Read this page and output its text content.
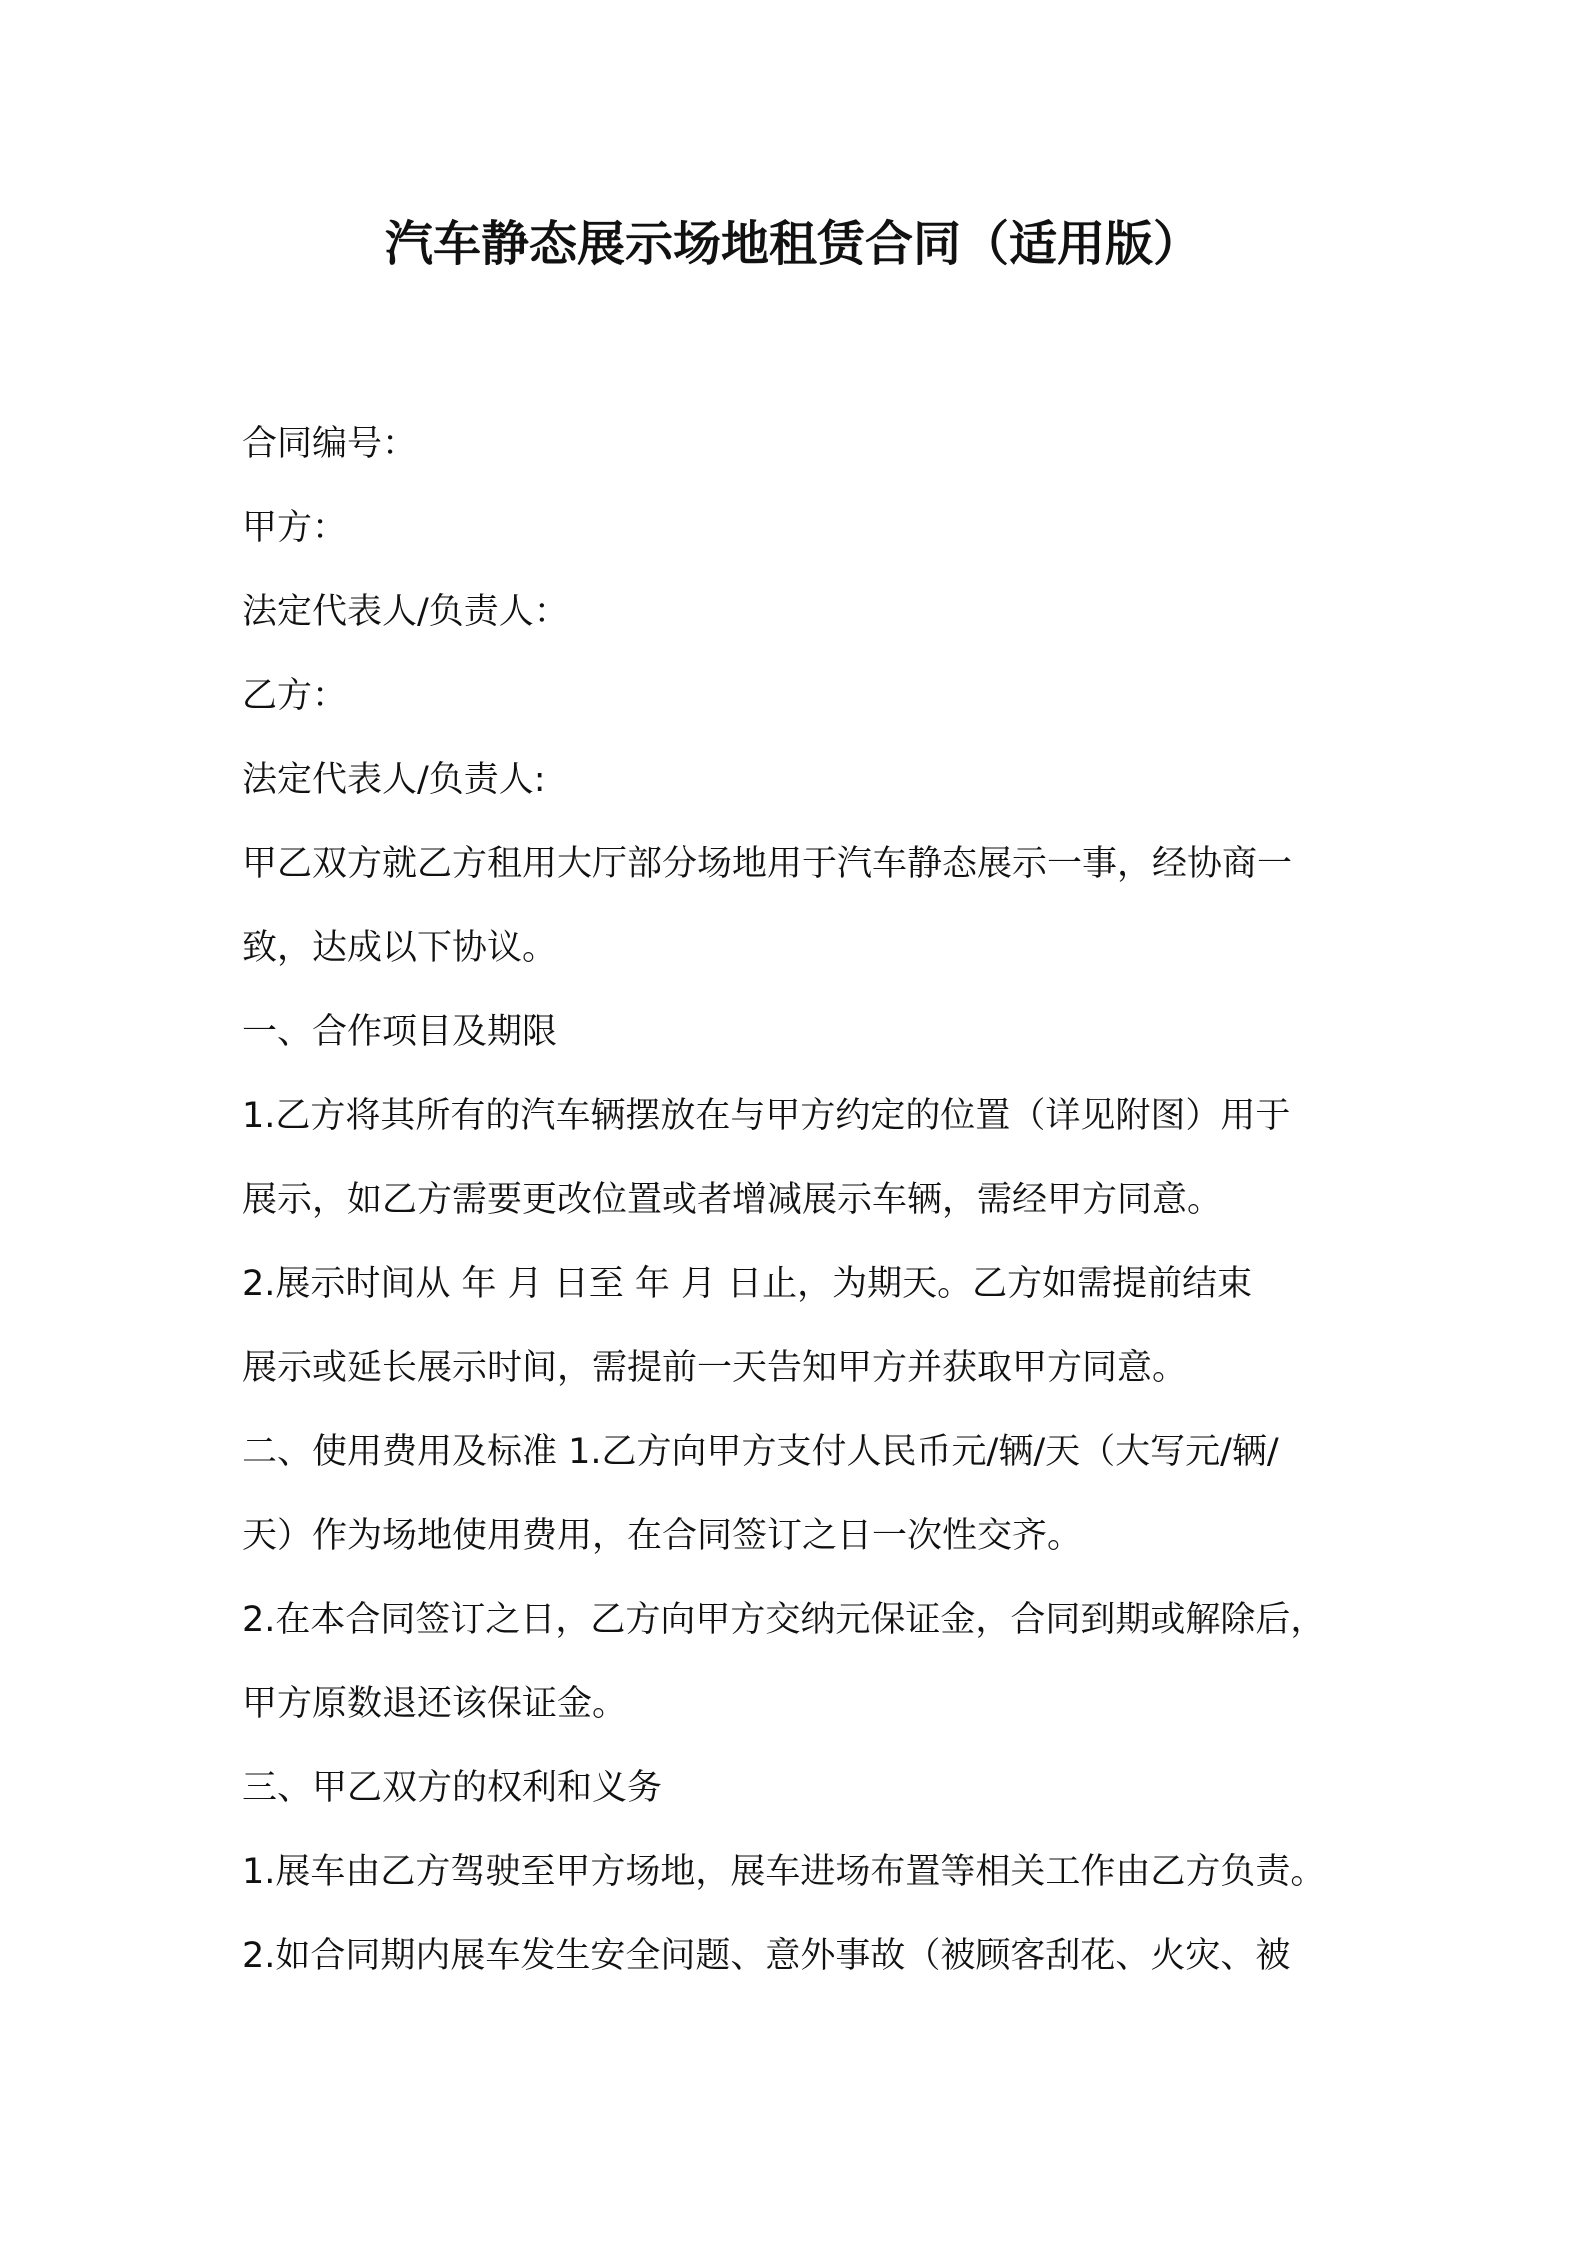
汽车静态展示场地租赁合同（适用版）
合同编号：
甲方：
法定代表人/负责人：
乙方：
法定代表人/负责人:
甲乙双方就乙方租用大厅部分场地用于汽车静态展示一事，经协商一
致，达成以下协议。
一、合作项目及期限
1.乙方将其所有的汽车辆摆放在与甲方约定的位置（详见附图）用于
展示，如乙方需要更改位置或者增减展示车辆，需经甲方同意。
2.展示时间从 年 月 日至 年 月 日止，为期天。乙方如需提前结束
展示或延长展示时间，需提前一天告知甲方并获取甲方同意。
二、使用费用及标准 1.乙方向甲方支付人民币元/辆/天（大写元/辆/
天）作为场地使用费用，在合同签订之日一次性交齐。
2.在本合同签订之日，乙方向甲方交纳元保证金，合同到期或解除后，
甲方原数退还该保证金。
三、甲乙双方的权利和义务
1.展车由乙方驾驶至甲方场地，展车进场布置等相关工作由乙方负责。
2.如合同期内展车发生安全问题、意外事故（被顾客刮花、火灾、被
